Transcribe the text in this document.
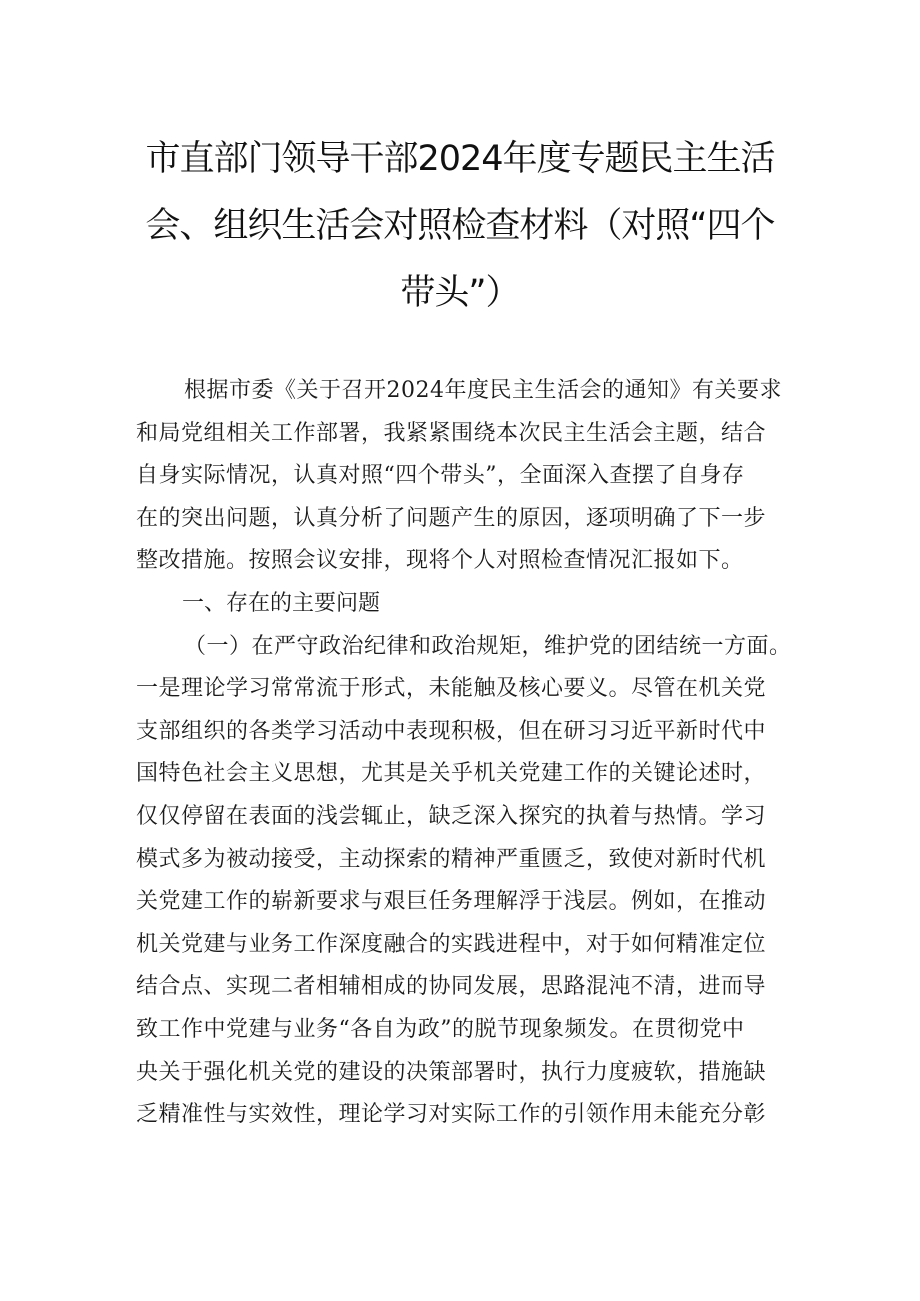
市直部门领导干部2024年度专题民主生活
会、组织生活会对照检查材料（对照“四个
带头”）
根据市委《关于召开2024年度民主生活会的通知》有关要求
和局党组相关工作部署，我紧紧围绕本次民主生活会主题，结合
自身实际情况，认真对照“四个带头”，全面深入查摆了自身存
在的突出问题，认真分析了问题产生的原因，逐项明确了下一步
整改措施。按照会议安排，现将个人对照检查情况汇报如下。
一、存在的主要问题
（一）在严守政治纪律和政治规矩，维护党的团结统一方面。
一是理论学习常常流于形式，未能触及核心要义。尽管在机关党
支部组织的各类学习活动中表现积极，但在研习习近平新时代中
国特色社会主义思想，尤其是关乎机关党建工作的关键论述时，
仅仅停留在表面的浅尝辄止，缺乏深入探究的执着与热情。学习
模式多为被动接受，主动探索的精神严重匮乏，致使对新时代机
关党建工作的崭新要求与艰巨任务理解浮于浅层。例如，在推动
机关党建与业务工作深度融合的实践进程中，对于如何精准定位
结合点、实现二者相辅相成的协同发展，思路混沌不清，进而导
致工作中党建与业务“各自为政”的脱节现象频发。在贯彻党中
央关于强化机关党的建设的决策部署时，执行力度疲软，措施缺
乏精准性与实效性，理论学习对实际工作的引领作用未能充分彰
